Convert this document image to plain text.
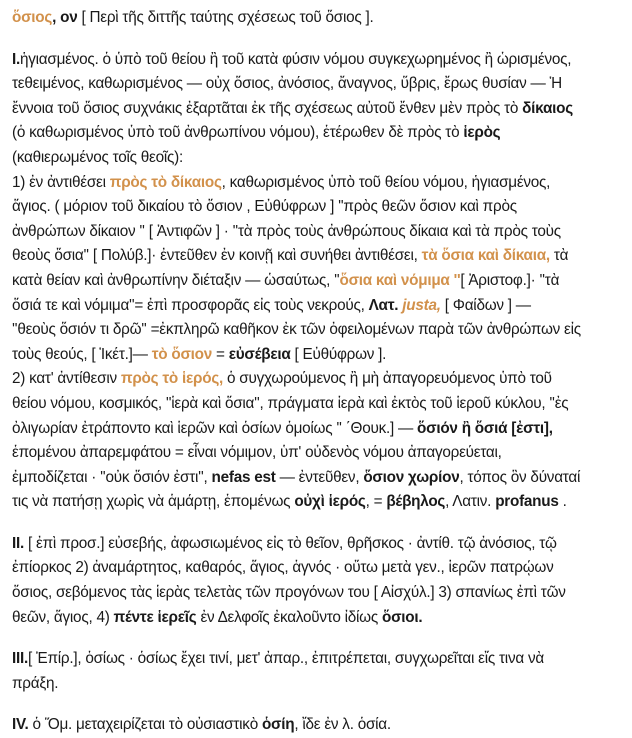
ὅσιος, ον [ Περὶ τῆς διττῆς ταύτης σχέσεως τοῦ ὅσιος ].
I.ἡγιασμένος. ὁ ὑπὸ τοῦ θείου ἢ τοῦ κατὰ φύσιν νόμου συγκεχωρημένος ἢ ὡρισμένος,
τεθειμένος, καθωρισμένος — οὐχ ὅσιος, ἀνόσιος, ἄναγνος, ὕβρις, ἔρως θυσίαν — Ἡ
ἔννοια τοῦ ὅσιος συχνάκις ἐξαρτᾶται ἐκ τῆς σχέσεως αὐτοῦ ἔνθεν μὲν πρὸς τὸ δίκαιος
(ὁ καθωρισμένος ὑπὸ τοῦ ἀνθρωπίνου νόμου), ἑτέρωθεν δὲ πρὸς τὸ ἱερὸς
(καθιερωμένος τοῖς θεοῖς):
1) ἐν ἀντιθέσει πρὸς τὸ δίκαιος, καθωρισμένος ὑπὸ τοῦ θείου νόμου, ἡγιασμένος,
ἅγιος. ( μόριον τοῦ δικαίου τὸ ὅσιον , Εὐθύφρων ] ''πρὸς θεῶν ὅσιον καὶ πρὸς
ἀνθρώπων δίκαιον '' [ Ἀντιφῶν ] · ''τὰ πρὸς τοὺς ἀνθρώπους δίκαια καὶ τὰ πρὸς τοὺς
θεοὺς ὅσια'' [ Πολύβ.]· ἐντεῦθεν ἐν κοινῇ καὶ συνήθει ἀντιθέσει, τὰ ὅσια καὶ δίκαια, τὰ
κατὰ θείαν καὶ ἀνθρωπίνην διέταξιν — ὡσαύτως, ''ὅσια καὶ νόμιμα ''[ Ἀριστοφ.]· ''τὰ
ὅσιά τε καὶ νόμιμα''= ἐπὶ προσφορᾶς εἰς τοὺς νεκρούς, Λατ. justa, [ Φαίδων ] —
''θεοὺς ὅσιόν τι δρῶ'' =ἐκπληρῶ καθῆκον ἐκ τῶν ὀφειλομένων παρὰ τῶν ἀνθρώπων εἰς
τοὺς θεούς, [ Ἱκέτ.]— τὸ ὅσιον = εὐσέβεια [ Εὐθύφρων ].
2) κατ' ἀντίθεσιν πρὸς τὸ ἱερός, ὁ συγχωρούμενος ἢ μὴ ἀπαγορευόμενος ὑπὸ τοῦ
θείου νόμου, κοσμικός, ''ἱερὰ καὶ ὅσια'', πράγματα ἱερὰ καὶ ἐκτὸς τοῦ ἱεροῦ κύκλου, ''ἐς
ὀλιγωρίαν ἐτράποντο καὶ ἱερῶν καὶ ὁσίων ὁμοίως '' ΄Θουκ.] — ὅσιόν ἢ ὅσιά [ἐστι],
ἑπομένου ἀπαρεμφάτου = εἶναι νόμιμον, ὑπ' οὐδενὸς νόμου ἀπαγορεύεται,
ἐμποδίζεται · ''οὐκ ὅσιόν ἐστι'', nefas est — ἐντεῦθεν, ὅσιον χωρίον, τόπος ὃν δύναταί
τις νὰ πατήσῃ χωρὶς νὰ ἁμάρτῃ, ἑπομένως οὐχὶ ἱερός, = βέβηλος, Λατιν. profanus .
II. [ ἐπὶ προσ.] εὐσεβής, ἀφωσιωμένος εἰς τὸ θεῖον, θρῆσκος · ἀντίθ. τῷ ἀνόσιος, τῷ
ἐπίορκος 2) ἀναμάρτητος, καθαρός, ἅγιος, ἁγνός · οὕτω μετὰ γεν., ἱερῶν πατρῴων
ὅσιος, σεβόμενος τὰς ἱερὰς τελετὰς τῶν προγόνων του [ Αἰσχύλ.] 3) σπανίως ἐπὶ τῶν
θεῶν, ἅγιος, 4) πέντε ἱερεῖς ἐν Δελφοῖς ἐκαλοῦντο ἰδίως ὅσιοι.
III.[ Ἐπίρ.], ὁσίως · ὁσίως ἔχει τινί, μετ' ἀπαρ., ἐπιτρέπεται, συγχωρεῖται εἴς τινα νὰ
πράξη.
IV. ὁ Ὅμ. μεταχειρίζεται τὸ οὐσιαστικὸ ὁσίη, ἴδε ἐν λ. ὁσία.
